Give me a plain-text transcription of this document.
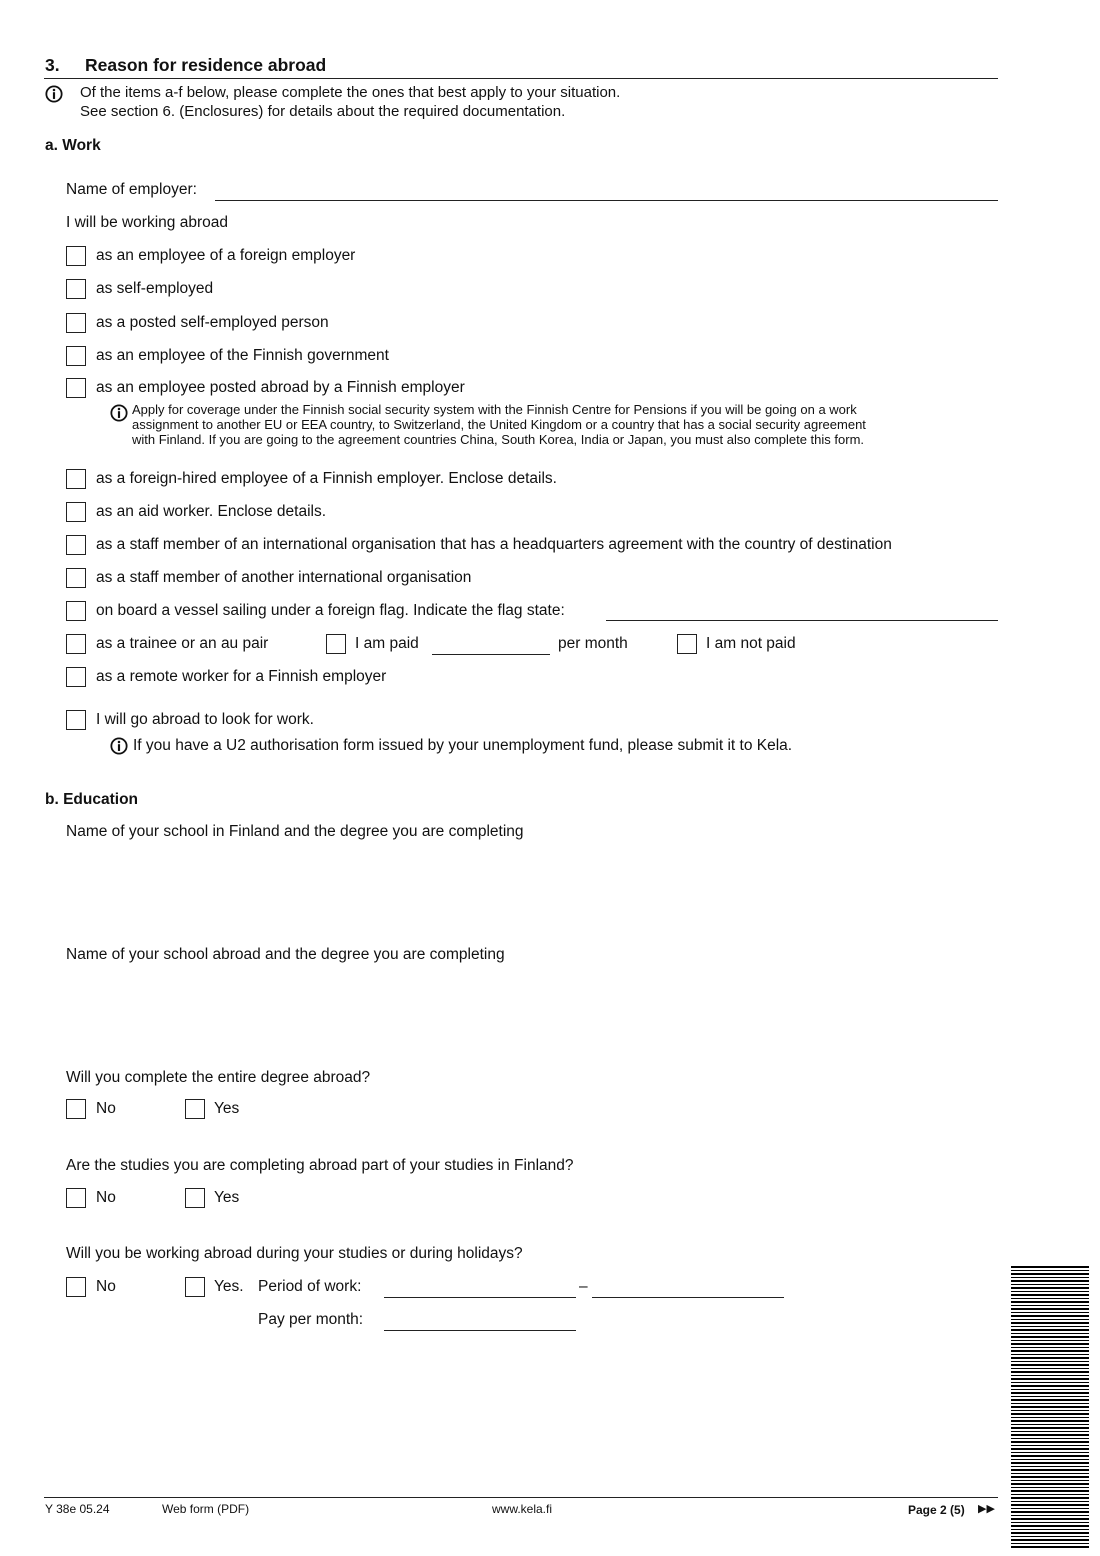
3. Reason for residence abroad
Of the items a-f below, please complete the ones that best apply to your situation.
See section 6. (Enclosures) for details about the required documentation.
a. Work
Name of employer:
I will be working abroad
as an employee of a foreign employer
as self-employed
as a posted self-employed person
as an employee of the Finnish government
as an employee posted abroad by a Finnish employer
Apply for coverage under the Finnish social security system with the Finnish Centre for Pensions if you will be going on a work
assignment to another EU or EEA country, to Switzerland, the United Kingdom or a country that has a social security agreement
with Finland. If you are going to the agreement countries China, South Korea, India or Japan, you must also complete this form.
as a foreign-hired employee of a Finnish employer. Enclose details.
as an aid worker. Enclose details.
as a staff member of an international organisation that has a headquarters agreement with the country of destination
as a staff member of another international organisation
on board a vessel sailing under a foreign flag. Indicate the flag state:
as a trainee or an au pair	I am paid	per month	I am not paid
as a remote worker for a Finnish employer
I will go abroad to look for work.
If you have a U2 authorisation form issued by your unemployment fund, please submit it to Kela.
b. Education
Name of your school in Finland and the degree you are completing
Name of your school abroad and the degree you are completing
Will you complete the entire degree abroad?
No	Yes
Are the studies you are completing abroad part of your studies in Finland?
No	Yes
Will you be working abroad during your studies or during holidays?
No	Yes. Period of work:	–
Pay per month:
Y 38e 05.24	Web form (PDF)	www.kela.fi	Page 2 (5) ▶▶
